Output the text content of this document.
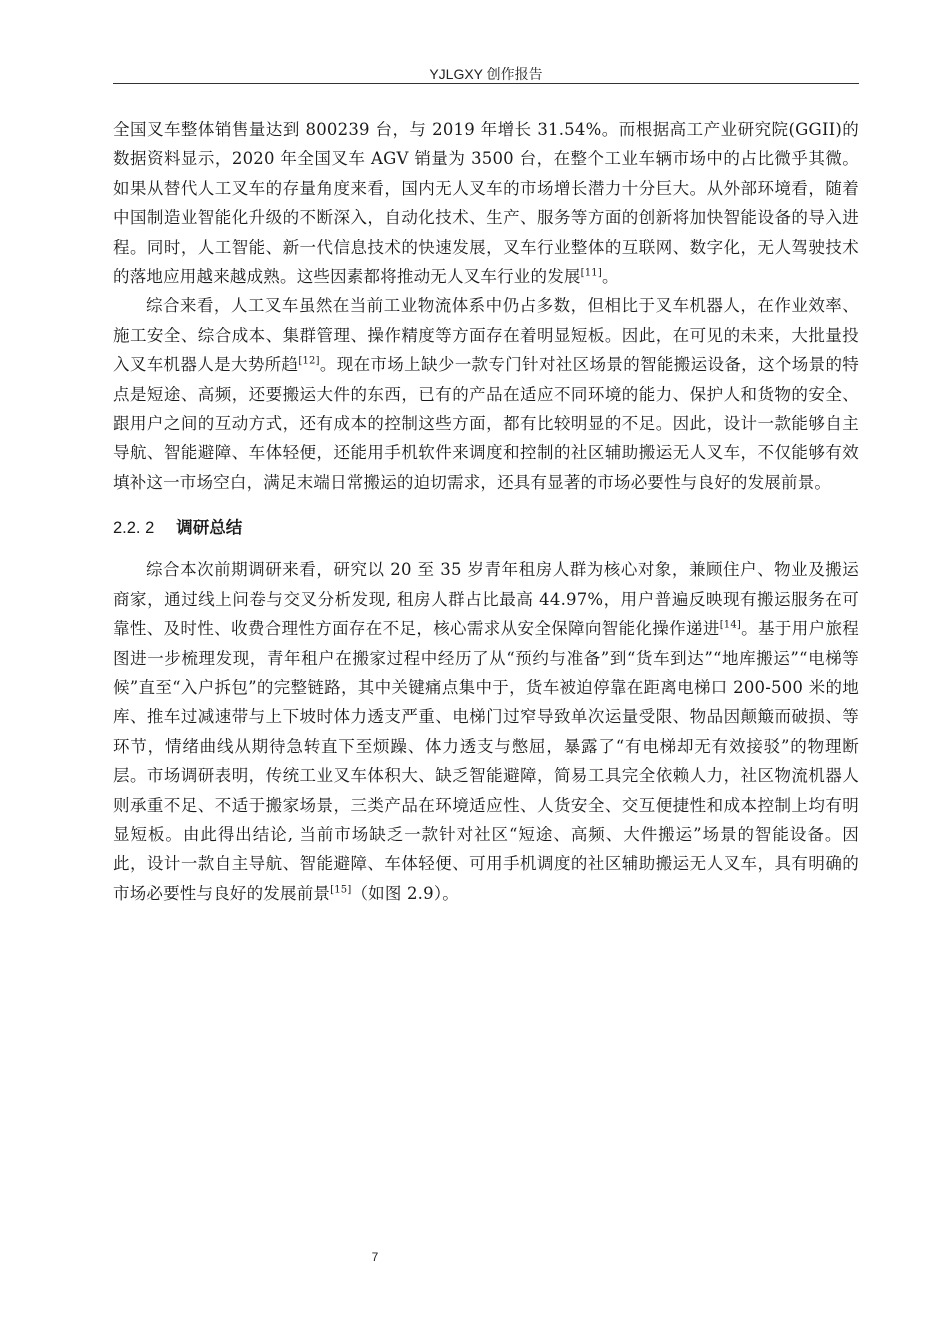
YJLGXY 创作报告

全国叉车整体销售量达到 800239 台，与 2019 年增长 31.54%。而根据高工产业研究院(GGII)的数据资料显示，2020 年全国叉车 AGV 销量为 3500 台，在整个工业车辆市场中的占比微乎其微。如果从替代人工叉车的存量角度来看，国内无人叉车的市场增长潜力十分巨大。从外部环境看，随着中国制造业智能化升级的不断深入，自动化技术、生产、服务等方面的创新将加快智能设备的导入进程。同时，人工智能、新一代信息技术的快速发展，叉车行业整体的互联网、数字化，无人驾驶技术的落地应用越来越成熟。这些因素都将推动无人叉车行业的发展[11]。

综合来看，人工叉车虽然在当前工业物流体系中仍占多数，但相比于叉车机器人，在作业效率、施工安全、综合成本、集群管理、操作精度等方面存在着明显短板。因此，在可见的未来，大批量投入叉车机器人是大势所趋[12]。现在市场上缺少一款专门针对社区场景的智能搬运设备，这个场景的特点是短途、高频，还要搬运大件的东西，已有的产品在适应不同环境的能力、保护人和货物的安全、跟用户之间的互动方式，还有成本的控制这些方面，都有比较明显的不足。因此，设计一款能够自主导航、智能避障、车体轻便，还能用手机软件来调度和控制的社区辅助搬运无人叉车，不仅能够有效填补这一市场空白，满足末端日常搬运的迫切需求，还具有显著的市场必要性与良好的发展前景。

2.2. 2 调研总结

综合本次前期调研来看，研究以 20 至 35 岁青年租房人群为核心对象，兼顾住户、物业及搬运商家，通过线上问卷与交叉分析发现, 租房人群占比最高 44.97%，用户普遍反映现有搬运服务在可靠性、及时性、收费合理性方面存在不足，核心需求从安全保障向智能化操作递进[14]。基于用户旅程图进一步梳理发现，青年租户在搬家过程中经历了从“预约与准备”到“货车到达”“地库搬运”“电梯等候”直至“入户拆包”的完整链路，其中关键痛点集中于，货车被迫停靠在距离电梯口 200-500 米的地库、推车过减速带与上下坡时体力透支严重、电梯门过窄导致单次运量受限、物品因颠簸而破损、等环节，情绪曲线从期待急转直下至烦躁、体力透支与憋屈，暴露了“有电梯却无有效接驳”的物理断层。市场调研表明，传统工业叉车体积大、缺乏智能避障，简易工具完全依赖人力，社区物流机器人则承重不足、不适于搬家场景，三类产品在环境适应性、人货安全、交互便捷性和成本控制上均有明显短板。由此得出结论, 当前市场缺乏一款针对社区“短途、高频、大件搬运”场景的智能设备。因此，设计一款自主导航、智能避障、车体轻便、可用手机调度的社区辅助搬运无人叉车，具有明确的市场必要性与良好的发展前景[15]（如图 2.9）。

7
